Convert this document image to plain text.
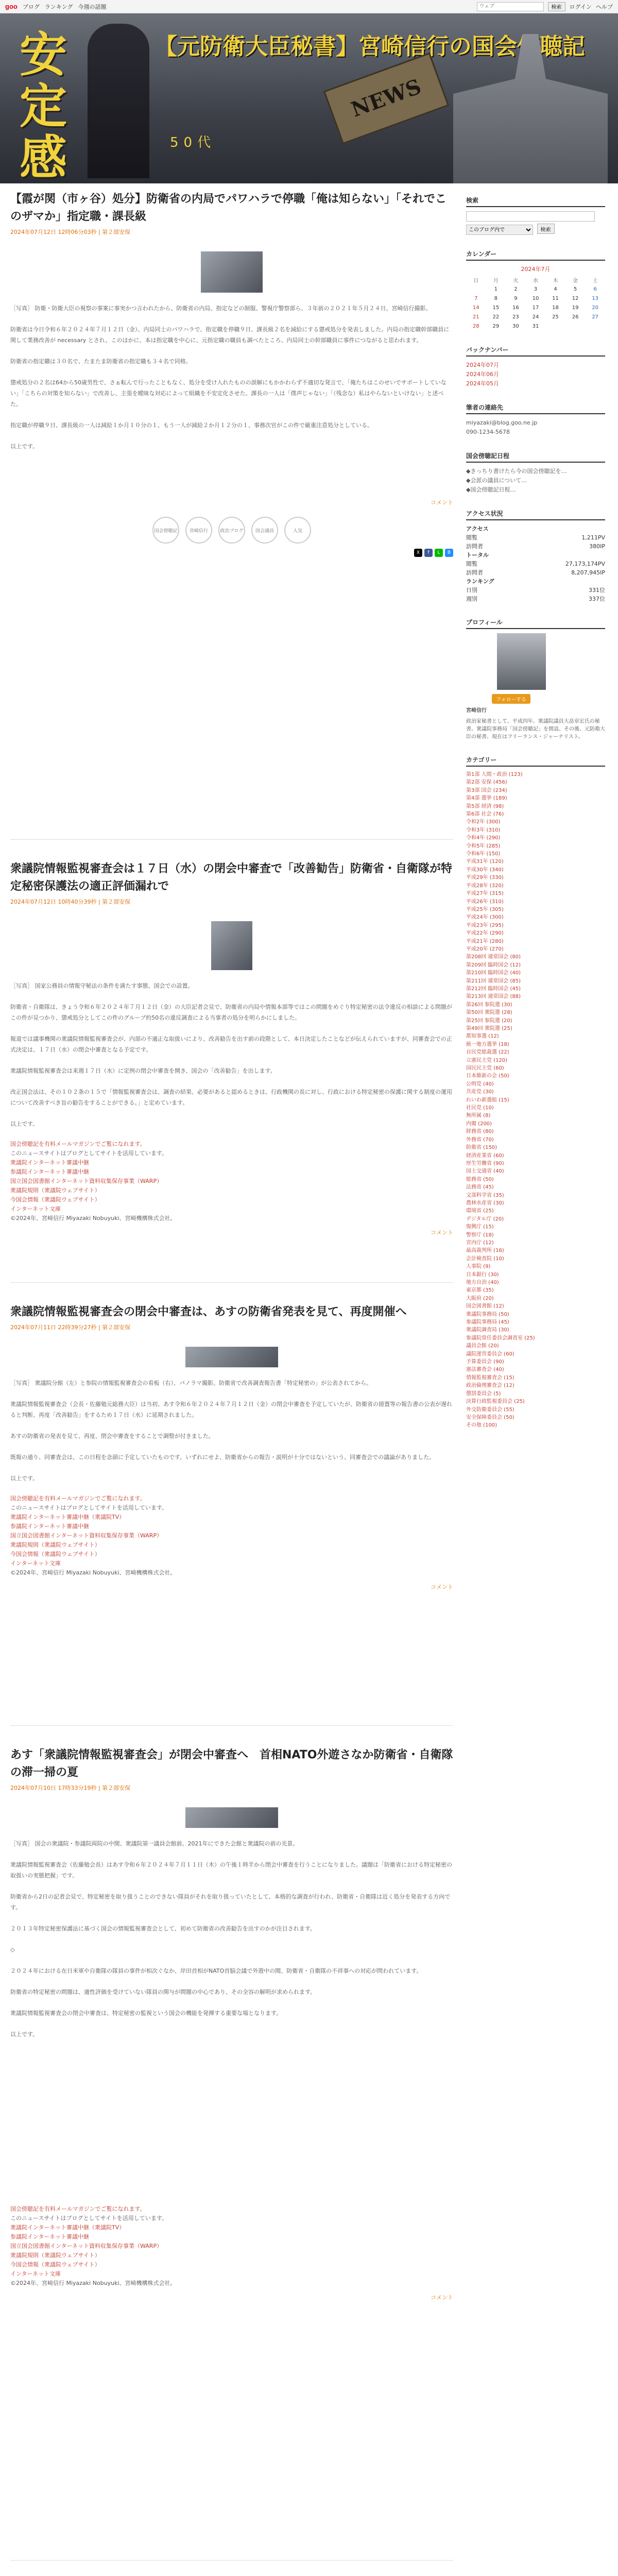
goo ブログ ランキング 今週の話題
ウェブ	検索	ログイン ヘルプ
安定感
【元防衛大臣秘書】宮崎信行の国会傍聴記
NEWS
50代
【霞が関（市ヶ谷）処分】防衛省の内局でパワハラで停職「俺は知らない」「それでこのザマか」指定職・課長級
2024年07月12日 12時06分03秒 | 第２部安保

［写真］ 防衛・防衛大臣の視察の事案に事実かつ言われたから、防衛省の内局、指定などの制服、警視庁警察部ら、３年前の２０２１年５月２４日、宮崎信行撮影。

防衛省は今日令和６年２０２４年７月１２日（金）、内局同士のパワハラで、指定職を停職９日、課長級２名を減給にする懲戒処分を発表しました。内局の指定職幹部職員に関して業務改善が necessary とされ、このほかに、本は指定職を中心に、元指定職の職員も調べたところ、内局同士の幹部職員に事件につながると思われます。

防衛省の指定職は３０名で、たまたま防衛省の指定職も３４名で同格。

懲戒処分の２名は64から50歳男性で、さぁ転んで行ったこともなく、処分を受け入れたものの誤解にもかかわらず不適切な発言で、「俺たちはこのせいでサポートしていない」「こちらの対策を知らない」で改善し、主張を曖昧な対応によって組織を不安定化させた。課長の一人は「僕声じゃない」「（残念な）私はやらないといけない」と述べた。

指定職が停職９日、課長級の一人は減給１か月１０分の１、もう一人が減給２か月１２分の１、事務次官がこの件で厳重注意処分としている。

以上です。

コメント
国会傍聴記	宮崎信行	政治ブログ	国会議員	人気
X	f	L	B
衆議院情報監視審査会は１７日（水）の閉会中審査で「改善勧告」防衛省・自衛隊が特定秘密保護法の適正評価漏れで
2024年07月12日 10時40分39秒 | 第２部安保

［写真］ 国家公務員の情報守秘法の条件を満たす事態、国会での設置。

防衛省・自衛隊は、きょう令和６年２０２４年７月１２日（金）の大臣記者会見で、防衛省の内局や情報本部等ではこの問題をめぐり特定秘密の法令違反の相談による問題がこの件が見つかり、懲戒処分としてこの件のグループ約50名の違反調査による当事者の処分を明らかにしました。

報道では議事機関の衆議院情報監視審査会が、内部の不適正な取扱いにより、改善勧告を出す前の段階として、本日決定したことなどが伝えられていますが、同審査会での正式決定は、１７日（水）の閉会中審査となる予定です。

衆議院情報監視審査会は来週１７日（水）に定例の閉会中審査を開き、国会の「改善勧告」を出します。

改正国会法は、その１０２条の１５で「情報監視審査会は、調査の結果、必要があると認めるときは、行政機関の長に対し、行政における特定秘密の保護に関する制度の運用について改善すべき旨の勧告をすることができる。」と定めています。

以上です。

国会傍聴記を有料メールマガジンでご覧になれます。
このニュースサイトはブログとしてサイトを活用しています。
衆議院インターネット審議中継
参議院インターネット審議中継
国立国会図書館インターネット資料収集保存事業（WARP）
衆議院規則（衆議院ウェブサイト）
今国会情報（衆議院ウェブサイト）
インターネット文庫
©2024年、宮崎信行 Miyazaki Nobuyuki、宮崎機構株式会社。
コメント
衆議院情報監視審査会の閉会中審査は、あすの防衛省発表を見て、再度開催へ
2024年07月11日 22時39分27秒 | 第２部安保

［写真］ 衆議院分館（左）と参院の情報監視審査会の看板（右）、パノラマ撮影。防衛省で改善調査報告書「特定秘密の」が公表されてから。

衆議院情報監視審査会（会長・佐藤勉元総務大臣）は当初、あす令和６年２０２４年７月１２日（金）の閉会中審査を予定していたが、防衛省の措置等の報告書の公表が遅れると判断、再度「改善勧告」をするため１７日（水）に延期されました。

あすの防衛省の発表を見て、再度、閉会中審査をすることで調整が付きました。

既報の通り、同審査会は、この日程を念頭に予定していたものです。いずれにせよ、防衛省からの報告・説明が十分ではないという、同審査会での議論がありました。

以上です。

国会傍聴記を有料メールマガジンでご覧になれます。
このニュースサイトはブログとしてサイトを活用しています。
衆議院インターネット審議中継（衆議院TV）
参議院インターネット審議中継
国立国会図書館インターネット資料収集保存事業（WARP）
衆議院規則（衆議院ウェブサイト）
今国会情報（衆議院ウェブサイト）
インターネット文庫
©2024年、宮崎信行 Miyazaki Nobuyuki、宮崎機構株式会社。
コメント
あす「衆議院情報監視審査会」が閉会中審査へ　首相NATO外遊さなか防衛省・自衛隊の滞一掃の夏
2024年07月10日 17時33分19秒 | 第２部安保

［写真］ 国会の衆議院・参議院両院の中間、衆議院第一議員会館前。2021年にできた会館と衆議院の前の光景。

衆議院情報監視審査会（佐藤勉会長）はあす令和６年２０２４年７月１１日（木）の午後１時半から閉会中審査を行うことになりました。議題は「防衛省における特定秘密の取扱いの実態把握」です。

防衛省から2日の記者会見で、特定秘密を取り扱うことのできない隊員がそれを取り扱っていたとして、本格的な調査が行われ、防衛省・自衛隊は近く処分を発表する方向です。

２０１３年特定秘密保護法に基づく国会の情報監視審査会として、初めて防衛省の改善勧告を出すのかが注目されます。

◇

２０２４年における在日米軍や自衛隊の隊員の事件が相次ぐなか、岸田首相がNATO首脳会議で外遊中の間、防衛省・自衛隊の不祥事への対応が問われています。

防衛省の特定秘密の問題は、適性評価を受けていない隊員の関与が問題の中心であり、その全容の解明が求められます。

衆議院情報監視審査会の閉会中審査は、特定秘密の監視という国会の機能を発揮する重要な場となります。

以上です。

国会傍聴記を有料メールマガジンでご覧になれます。
このニュースサイトはブログとしてサイトを活用しています。
衆議院インターネット審議中継（衆議院TV）
参議院インターネット審議中継
国立国会図書館インターネット資料収集保存事業（WARP）
衆議院規則（衆議院ウェブサイト）
今国会情報（衆議院ウェブサイト）
インターネット文庫
©2024年、宮崎信行 Miyazaki Nobuyuki、宮崎機構株式会社。
コメント
検索
このブログ内で 検索
カレンダー
2024年7月
日	月	火	水	木	金	土
	1	2	3	4	5	6
7	8	9	10	11	12	13
14	15	16	17	18	19	20
21	22	23	24	25	26	27
28	29	30	31			
バックナンバー
2024年07月
2024年06月
2024年05月
筆者の連絡先
miyazaki@blog.goo.ne.jp
090-1234-5678
国会傍聴記日程
◆きっちり書けたら今の国会傍聴記を…
◆会派の議員について…
◆国会傍聴記日程…
アクセス状況
アクセス
閲覧	1,211PV
訪問者	380IP
トータル
閲覧	27,173,174PV
訪問者	8,207,945IP
ランキング
日別	331位
週別	337位
プロフィール
フォローする
宮崎信行
政治家秘書として、平成四年、衆議院議員大畠章宏氏の秘書。衆議院事務局「国会傍聴記」を開設。その後、元防衛大臣の秘書、現在はフリーランス・ジャーナリスト。
カテゴリー
第1部 人間・政治 (123)
第2部 安保 (456)
第3部 国会 (234)
第4部 選挙 (189)
第5部 経済 (98)
第6部 社会 (76)
令和2年 (300)
令和3年 (310)
令和4年 (290)
令和5年 (285)
令和6年 (150)
平成31年 (120)
平成30年 (340)
平成29年 (330)
平成28年 (320)
平成27年 (315)
平成26年 (310)
平成25年 (305)
平成24年 (300)
平成23年 (295)
平成22年 (290)
平成21年 (280)
平成20年 (270)
第208回 通常国会 (80)
第209回 臨時国会 (12)
第210回 臨時国会 (40)
第211回 通常国会 (85)
第212回 臨時国会 (45)
第213回 通常国会 (88)
第26回 参院選 (30)
第50回 衆院選 (28)
第25回 参院選 (20)
第49回 衆院選 (25)
都知事選 (12)
統一地方選挙 (18)
自民党総裁選 (22)
立憲民主党 (120)
国民民主党 (60)
日本維新の会 (50)
公明党 (40)
共産党 (30)
れいわ新選組 (15)
社民党 (10)
無所属 (8)
内閣 (200)
財務省 (80)
外務省 (70)
防衛省 (150)
経済産業省 (60)
厚生労働省 (90)
国土交通省 (40)
総務省 (50)
法務省 (45)
文部科学省 (35)
農林水産省 (30)
環境省 (25)
デジタル庁 (20)
復興庁 (15)
警察庁 (18)
宮内庁 (12)
最高裁判所 (16)
会計検査院 (10)
人事院 (9)
日本銀行 (30)
地方自治 (40)
東京都 (35)
大阪府 (20)
国会図書館 (12)
衆議院事務局 (50)
参議院事務局 (45)
衆議院調査局 (30)
参議院常任委員会調査室 (25)
議員会館 (20)
議院運営委員会 (60)
予算委員会 (90)
憲法審査会 (40)
情報監視審査会 (15)
政治倫理審査会 (12)
懲罰委員会 (5)
決算行政監視委員会 (25)
外交防衛委員会 (55)
安全保障委員会 (50)
その他 (100)
